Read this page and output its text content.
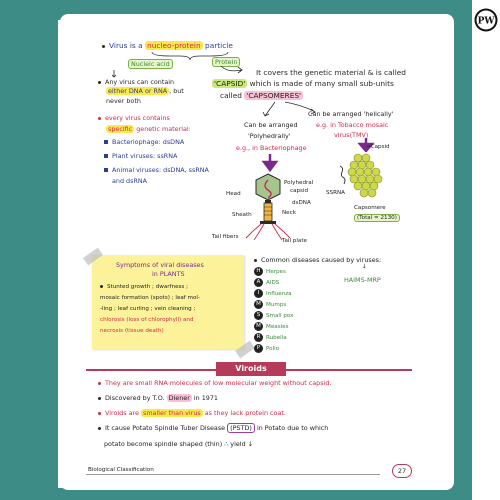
PW
Virus is a nucleo-protein particle
Nucleic acid	Protein
Any virus can contain
either DNA or RNA , but
never both
It covers the genetic material & is called
'CAPSID' which is made of many small sub-units
called 'CAPSOMERES'
every virus contains
specific genetic material:
Bacteriophage: dsDNA
Plant viruses: ssRNA
Animal viruses: dsDNA, ssRNA
and dsRNA
Can be arranged
'Polyhedrally'
e.g., in Bacteriophage
Can be arranged 'helically'
e.g. in Tobacco mosaic
virus(TMV)
Head
Polyhedral
capsid
dsDNA
Sheath	Neck
Tail fibers
Tail plate
→Capsid
SSRNA
Capsomere
(Total = 2130)
Symptoms of viral diseases
in PLANTS
Stunted growth ; dwarfness ;
mosaic formation (spots) ; leaf mol-
-ling ; leaf curling ; vein cleaning ;
chlorosis (loss of chlorophyll) and
necrosis (tissue death)
Common diseases caused by viruses:
↓
HAIMS-MRP
H Herpes
A AIDS
I Influenza
M Mumps
S Small pox
M Measles
R Rubella
P Polio
Viroids
They are small RNA molecules of low molecular weight without capsid.
Discovered by T.O. Diener in 1971
Viroids are smaller than virus as they lack protein coat.
It cause Potato Spindle Tuber Disease (PSTD) in Potato due to which
potato become spindle shaped (thin) ∴ yield ↓
Biological Classification	27
